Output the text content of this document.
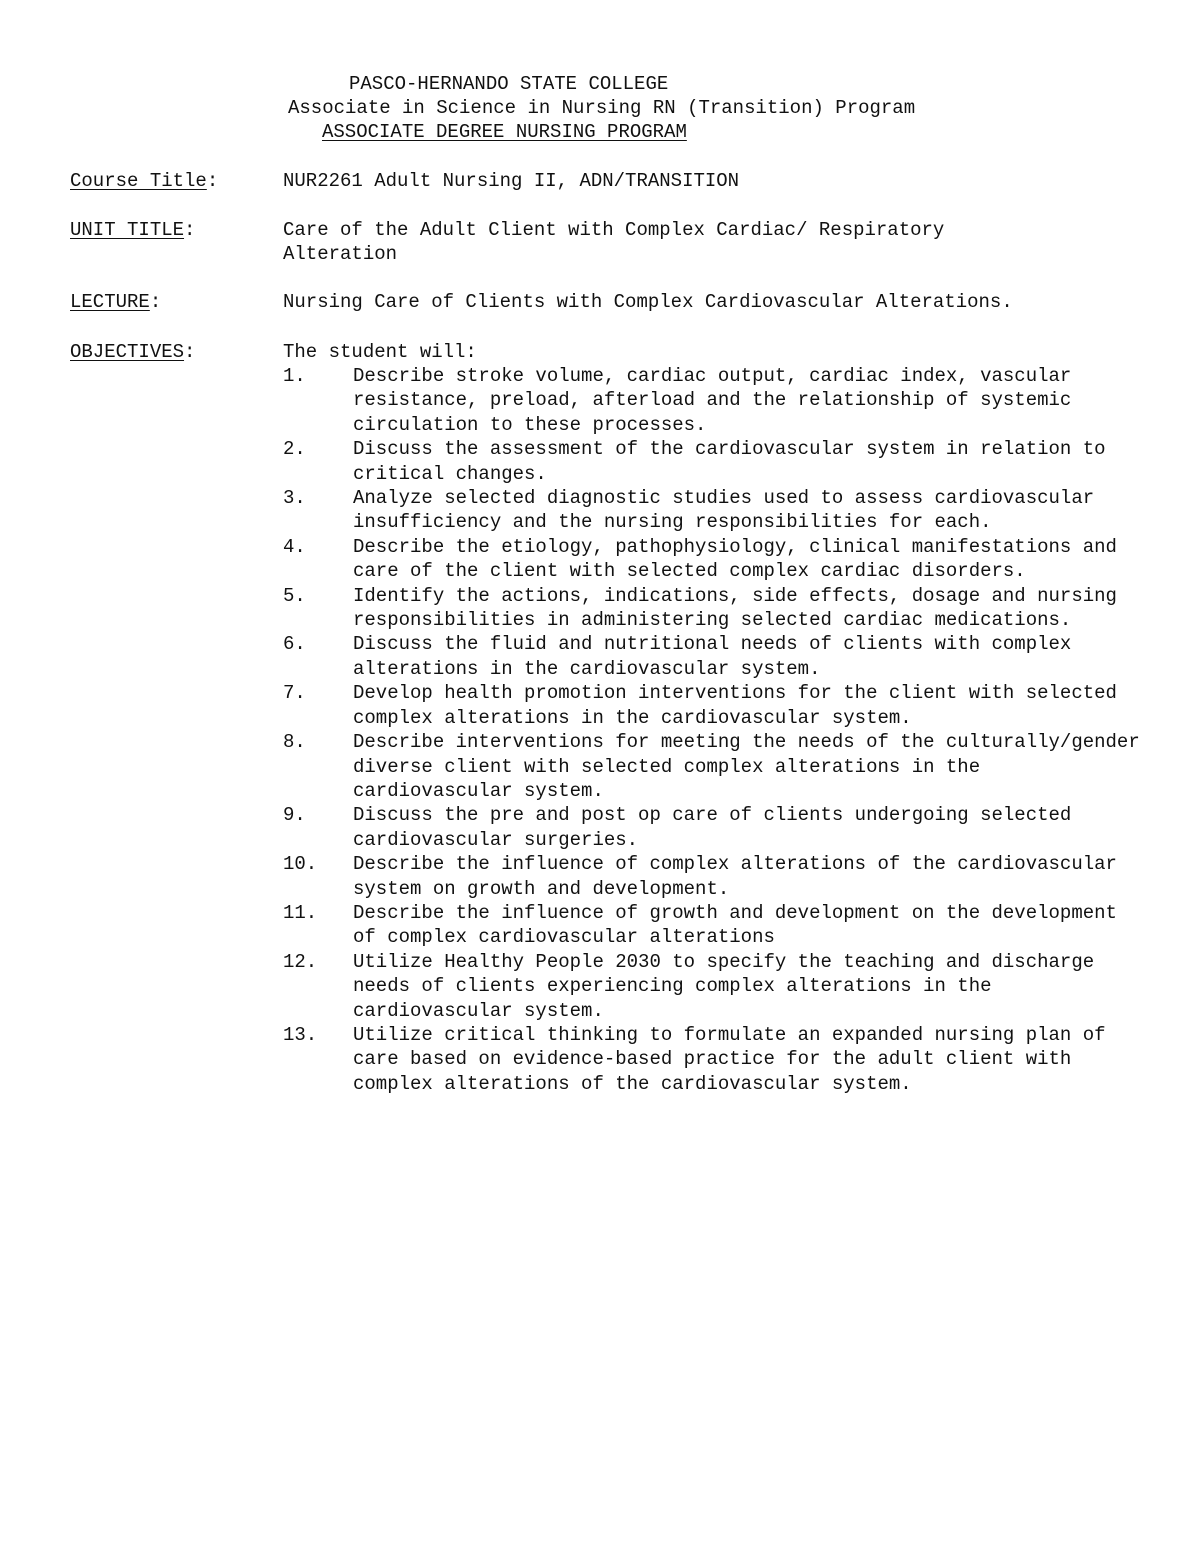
PASCO-HERNANDO STATE COLLEGE
Associate in Science in Nursing RN (Transition) Program
ASSOCIATE DEGREE NURSING PROGRAM
Course Title:	NUR2261 Adult Nursing II, ADN/TRANSITION
UNIT TITLE:	Care of the Adult Client with Complex Cardiac/ Respiratory Alteration
LECTURE:	Nursing Care of Clients with Complex Cardiovascular Alterations.
OBJECTIVES:	The student will:
1. Describe stroke volume, cardiac output, cardiac index, vascular resistance, preload, afterload and the relationship of systemic circulation to these processes.
2. Discuss the assessment of the cardiovascular system in relation to critical changes.
3. Analyze selected diagnostic studies used to assess cardiovascular insufficiency and the nursing responsibilities for each.
4. Describe the etiology, pathophysiology, clinical manifestations and care of the client with selected complex cardiac disorders.
5. Identify the actions, indications, side effects, dosage and nursing responsibilities in administering selected cardiac medications.
6. Discuss the fluid and nutritional needs of clients with complex alterations in the cardiovascular system.
7. Develop health promotion interventions for the client with selected complex alterations in the cardiovascular system.
8. Describe interventions for meeting the needs of the culturally/gender diverse client with selected complex alterations in the cardiovascular system.
9. Discuss the pre and post op care of clients undergoing selected cardiovascular surgeries.
10. Describe the influence of complex alterations of the cardiovascular system on growth and development.
11. Describe the influence of growth and development on the development of complex cardiovascular alterations
12. Utilize Healthy People 2030 to specify the teaching and discharge needs of clients experiencing complex alterations in the cardiovascular system.
13. Utilize critical thinking to formulate an expanded nursing plan of care based on evidence-based practice for the adult client with complex alterations of the cardiovascular system.
